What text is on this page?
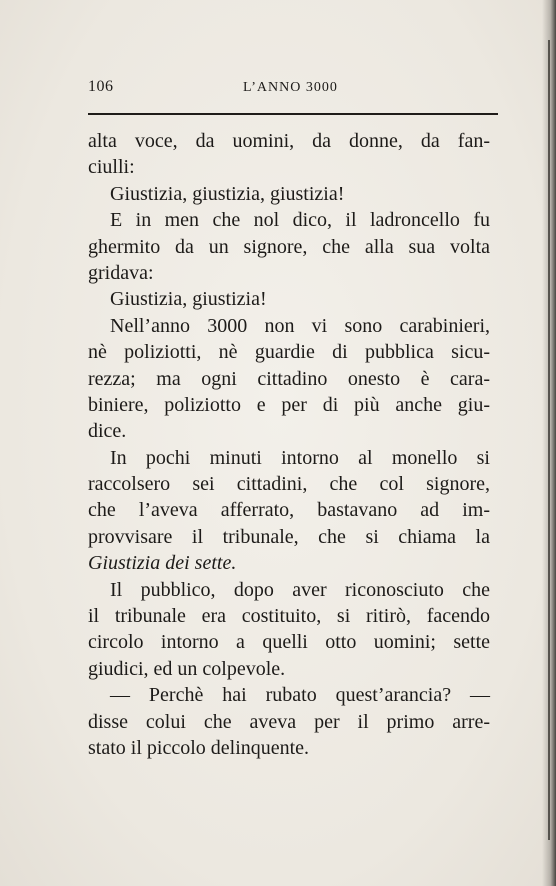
106	L’ANNO 3000
alta voce, da uomini, da donne, da fan-
ciulli:
Giustizia, giustizia, giustizia!
E in men che nol dico, il ladroncello fu
ghermito da un signore, che alla sua volta
gridava:
Giustizia, giustizia!
Nell’anno 3000 non vi sono carabinieri,
nè poliziotti, nè guardie di pubblica sicu-
rezza; ma ogni cittadino onesto è cara-
biniere, poliziotto e per di più anche giu-
dice.
In pochi minuti intorno al monello si
raccolsero sei cittadini, che col signore,
che l’aveva afferrato, bastavano ad im-
provvisare il tribunale, che si chiama la
Giustizia dei sette.
Il pubblico, dopo aver riconosciuto che
il tribunale era costituito, si ritirò, facendo
circolo intorno a quelli otto uomini; sette
giudici, ed un colpevole.
— Perchè hai rubato quest’arancia? —
disse colui che aveva per il primo arre-
stato il piccolo delinquente.
